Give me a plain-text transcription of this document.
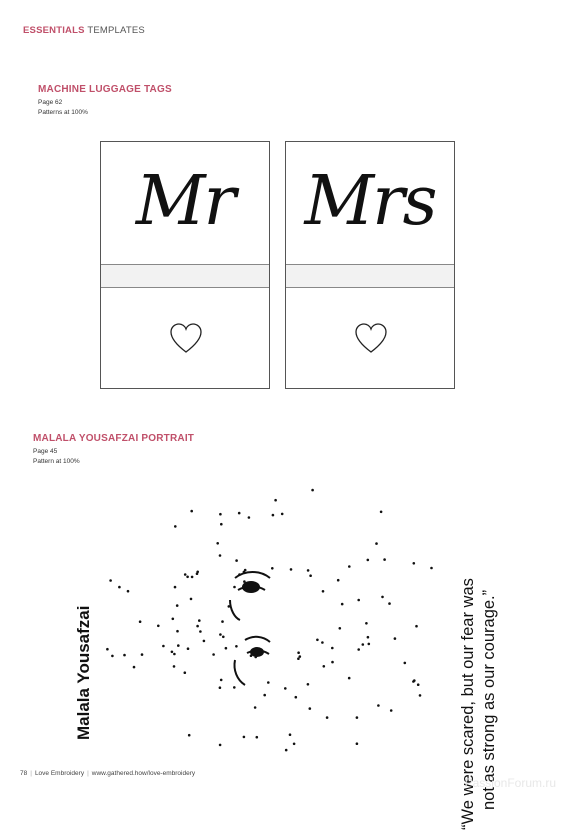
ESSENTIALS TEMPLATES
MACHINE LUGGAGE TAGS
Page 62
Patterns at 100%
Mr	Mrs
MALALA YOUSAFZAI PORTRAIT
Page 45
Pattern at 100%
Malala Yousafzai	“We were scared, but our fear was not as strong as our courage.”
78 | Love Embroidery | www.gathered.how/love-embroidery
PassionForum.ru
